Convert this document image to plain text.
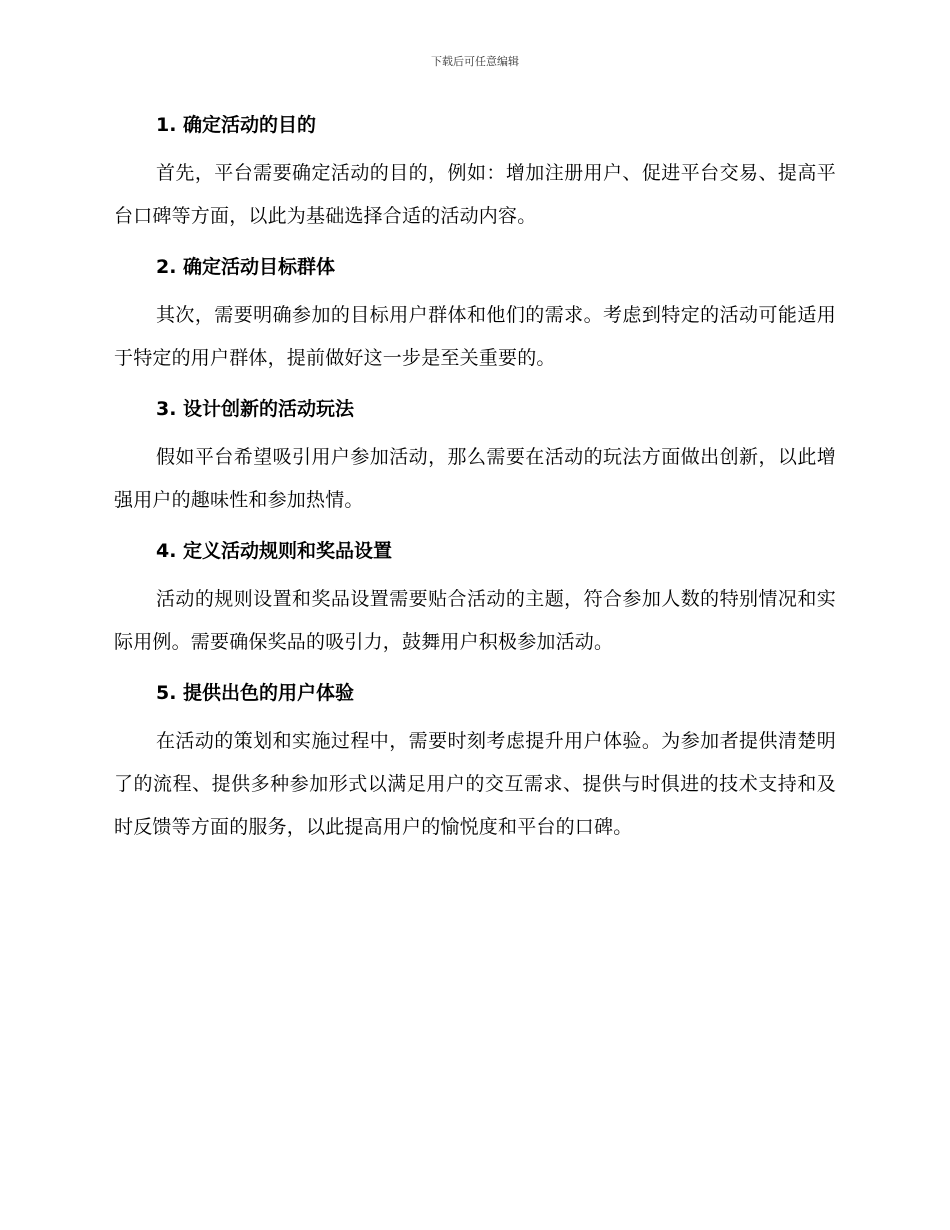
下载后可任意编辑
1. 确定活动的目的

首先，平台需要确定活动的目的，例如：增加注册用户、促进平台交易、提高平台口碑等方面，以此为基础选择合适的活动内容。

2. 确定活动目标群体

其次，需要明确参加的目标用户群体和他们的需求。考虑到特定的活动可能适用于特定的用户群体，提前做好这一步是至关重要的。

3. 设计创新的活动玩法

假如平台希望吸引用户参加活动，那么需要在活动的玩法方面做出创新，以此增强用户的趣味性和参加热情。

4. 定义活动规则和奖品设置

活动的规则设置和奖品设置需要贴合活动的主题，符合参加人数的特别情况和实际用例。需要确保奖品的吸引力，鼓舞用户积极参加活动。

5. 提供出色的用户体验

在活动的策划和实施过程中，需要时刻考虑提升用户体验。为参加者提供清楚明了的流程、提供多种参加形式以满足用户的交互需求、提供与时俱进的技术支持和及时反馈等方面的服务，以此提高用户的愉悦度和平台的口碑。
